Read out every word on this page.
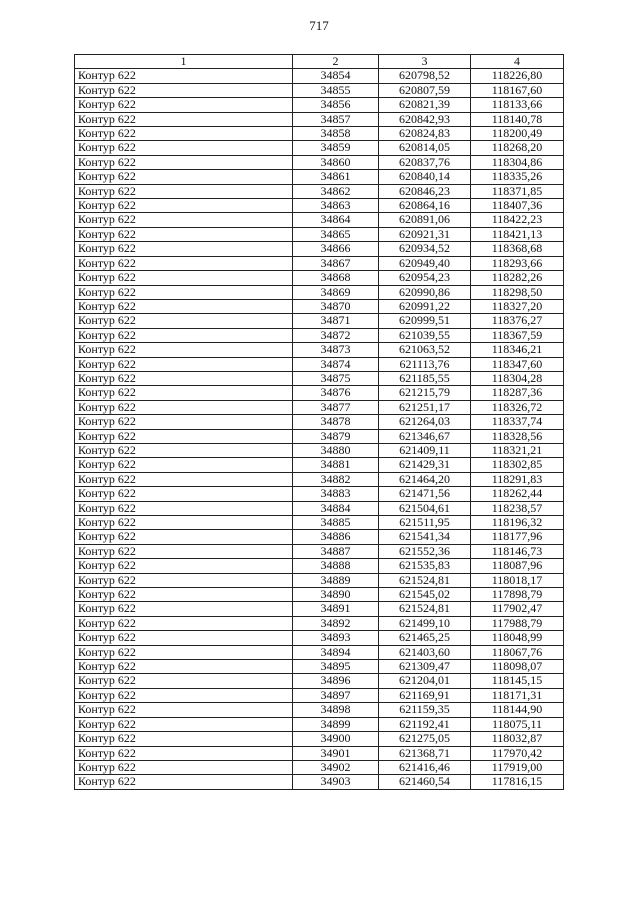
717
1	2	3	4
Контур 622	34854	620798,52	118226,80
Контур 622	34855	620807,59	118167,60
Контур 622	34856	620821,39	118133,66
Контур 622	34857	620842,93	118140,78
Контур 622	34858	620824,83	118200,49
Контур 622	34859	620814,05	118268,20
Контур 622	34860	620837,76	118304,86
Контур 622	34861	620840,14	118335,26
Контур 622	34862	620846,23	118371,85
Контур 622	34863	620864,16	118407,36
Контур 622	34864	620891,06	118422,23
Контур 622	34865	620921,31	118421,13
Контур 622	34866	620934,52	118368,68
Контур 622	34867	620949,40	118293,66
Контур 622	34868	620954,23	118282,26
Контур 622	34869	620990,86	118298,50
Контур 622	34870	620991,22	118327,20
Контур 622	34871	620999,51	118376,27
Контур 622	34872	621039,55	118367,59
Контур 622	34873	621063,52	118346,21
Контур 622	34874	621113,76	118347,60
Контур 622	34875	621185,55	118304,28
Контур 622	34876	621215,79	118287,36
Контур 622	34877	621251,17	118326,72
Контур 622	34878	621264,03	118337,74
Контур 622	34879	621346,67	118328,56
Контур 622	34880	621409,11	118321,21
Контур 622	34881	621429,31	118302,85
Контур 622	34882	621464,20	118291,83
Контур 622	34883	621471,56	118262,44
Контур 622	34884	621504,61	118238,57
Контур 622	34885	621511,95	118196,32
Контур 622	34886	621541,34	118177,96
Контур 622	34887	621552,36	118146,73
Контур 622	34888	621535,83	118087,96
Контур 622	34889	621524,81	118018,17
Контур 622	34890	621545,02	117898,79
Контур 622	34891	621524,81	117902,47
Контур 622	34892	621499,10	117988,79
Контур 622	34893	621465,25	118048,99
Контур 622	34894	621403,60	118067,76
Контур 622	34895	621309,47	118098,07
Контур 622	34896	621204,01	118145,15
Контур 622	34897	621169,91	118171,31
Контур 622	34898	621159,35	118144,90
Контур 622	34899	621192,41	118075,11
Контур 622	34900	621275,05	118032,87
Контур 622	34901	621368,71	117970,42
Контур 622	34902	621416,46	117919,00
Контур 622	34903	621460,54	117816,15
